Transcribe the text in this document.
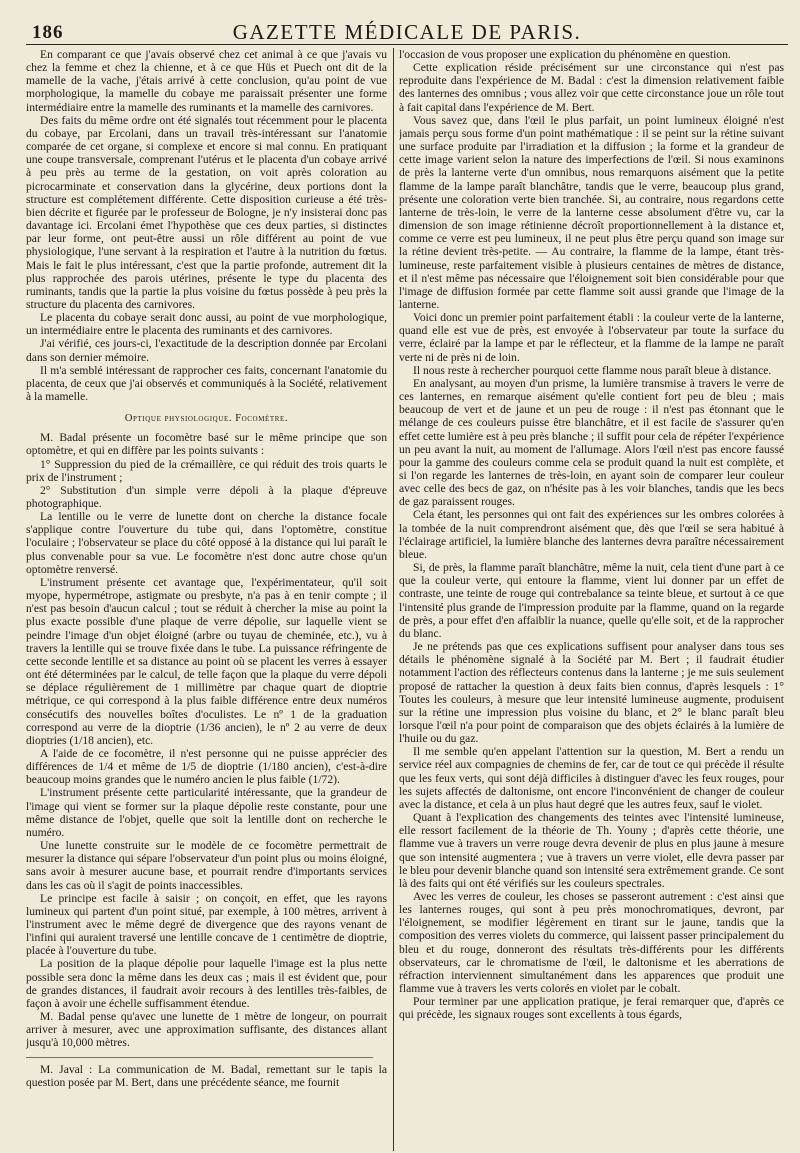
186	GAZETTE MÉDICALE DE PARIS.

En comparant ce que j'avais observé chez cet animal à ce que j'avais vu chez la femme et chez la chienne, et à ce que Hüs et Puech ont dit de la mamelle de la vache, j'étais arrivé à cette conclusion, qu'au point de vue morphologique, la mamelle du cobaye me paraissait présenter une forme intermédiaire entre la mamelle des ruminants et la mamelle des carnivores.

Des faits du même ordre ont été signalés tout récemment pour le placenta du cobaye, par Ercolani, dans un travail très-intéressant sur l'anatomie comparée de cet organe, si complexe et encore si mal connu. En pratiquant une coupe transversale, comprenant l'utérus et le placenta d'un cobaye arrivé à peu près au terme de la gestation, on voit après coloration au picrocarminate et conservation dans la glycérine, deux portions dont la structure est complétement différente. Cette disposition curieuse a été très-bien décrite et figurée par le professeur de Bologne, je n'y insisterai donc pas davantage ici. Ercolani émet l'hypothèse que ces deux parties, si distinctes par leur forme, ont peut-être aussi un rôle différent au point de vue physiologique, l'une servant à la respiration et l'autre à la nutrition du fœtus. Mais le fait le plus intéressant, c'est que la partie profonde, autrement dit la plus rapprochée des parois utérines, présente le type du placenta des ruminants, tandis que la partie la plus voisine du fœtus possède à peu près la structure du placenta des carnivores.

Le placenta du cobaye serait donc aussi, au point de vue morphologique, un intermédiaire entre le placenta des ruminants et des carnivores.

J'ai vérifié, ces jours-ci, l'exactitude de la description donnée par Ercolani dans son dernier mémoire.

Il m'a semblé intéressant de rapprocher ces faits, concernant l'anatomie du placenta, de ceux que j'ai observés et communiqués à la Société, relativement à la mamelle.

Optique physiologique. Focomètre.

M. Badal présente un focomètre basé sur le même principe que son optomètre, et qui en diffère par les points suivants :

1° Suppression du pied de la crémaillère, ce qui réduit des trois quarts le prix de l'instrument ;

2° Substitution d'un simple verre dépoli à la plaque d'épreuve photographique.

La lentille ou le verre de lunette dont on cherche la distance focale s'applique contre l'ouverture du tube qui, dans l'optomètre, constitue l'oculaire ; l'observateur se place du côté opposé à la distance qui lui paraît le plus convenable pour sa vue. Le focomètre n'est donc autre chose qu'un optomètre renversé.

L'instrument présente cet avantage que, l'expérimentateur, qu'il soit myope, hypermétrope, astigmate ou presbyte, n'a pas à en tenir compte ; il n'est pas besoin d'aucun calcul ; tout se réduit à chercher la mise au point la plus exacte possible d'une plaque de verre dépolie, sur laquelle vient se peindre l'image d'un objet éloigné (arbre ou tuyau de cheminée, etc.), vu à travers la lentille qui se trouve fixée dans le tube. La puissance réfringente de cette seconde lentille et sa distance au point où se placent les verres à essayer ont été déterminées par le calcul, de telle façon que la plaque du verre dépoli se déplace régulièrement de 1 millimètre par chaque quart de dioptrie métrique, ce qui correspond à la plus faible différence entre deux numéros consécutifs des nouvelles boîtes d'oculistes. Le nº 1 de la graduation correspond au verre de la dioptrie (1/36 ancien), le nº 2 au verre de deux dioptries (1/18 ancien), etc.

A l'aide de ce focomètre, il n'est personne qui ne puisse apprécier des différences de 1/4 et même de 1/5 de dioptrie (1/180 ancien), c'est-à-dire beaucoup moins grandes que le numéro ancien le plus faible (1/72).

L'instrument présente cette particularité intéressante, que la grandeur de l'image qui vient se former sur la plaque dépolie reste constante, pour une même distance de l'objet, quelle que soit la lentille dont on recherche le numéro.

Une lunette construite sur le modèle de ce focomètre permettrait de mesurer la distance qui sépare l'observateur d'un point plus ou moins éloigné, sans avoir à mesurer aucune base, et pourrait rendre d'importants services dans les cas où il s'agit de points inaccessibles.

Le principe est facile à saisir ; on conçoit, en effet, que les rayons lumineux qui partent d'un point situé, par exemple, à 100 mètres, arrivent à l'instrument avec le même degré de divergence que des rayons venant de l'infini qui auraient traversé une lentille concave de 1 centimètre de dioptrie, placée à l'ouverture du tube.

La position de la plaque dépolie pour laquelle l'image est la plus nette possible sera donc la même dans les deux cas ; mais il est évident que, pour de grandes distances, il faudrait avoir recours à des lentilles très-faibles, de façon à avoir une échelle suffisamment étendue.

M. Badal pense qu'avec une lunette de 1 mètre de longeur, on pourrait arriver à mesurer, avec une approximation suffisante, des distances allant jusqu'à 10,000 mètres.

M. Javal : La communication de M. Badal, remettant sur le tapis la question posée par M. Bert, dans une précédente séance, me fournit

l'occasion de vous proposer une explication du phénomène en question.

Cette explication réside précisément sur une circonstance qui n'est pas reproduite dans l'expérience de M. Badal : c'est la dimension relativement faible des lanternes des omnibus ; vous allez voir que cette circonstance joue un rôle tout à fait capital dans l'expérience de M. Bert.

Vous savez que, dans l'œil le plus parfait, un point lumineux éloigné n'est jamais perçu sous forme d'un point mathématique : il se peint sur la rétine suivant une surface produite par l'irradiation et la diffusion ; la forme et la grandeur de cette image varient selon la nature des imperfections de l'œil. Si nous examinons de près la lanterne verte d'un omnibus, nous remarquons aisément que la petite flamme de la lampe paraît blanchâtre, tandis que le verre, beaucoup plus grand, présente une coloration verte bien tranchée. Si, au contraire, nous regardons cette lanterne de très-loin, le verre de la lanterne cesse absolument d'être vu, car la dimension de son image rétinienne décroît proportionnellement à la distance et, comme ce verre est peu lumineux, il ne peut plus être perçu quand son image sur la rétine devient très-petite. — Au contraire, la flamme de la lampe, étant très-lumineuse, reste parfaitement visible à plusieurs centaines de mètres de distance, et il n'est même pas nécessaire que l'éloignement soit bien considérable pour que l'image de diffusion formée par cette flamme soit aussi grande que l'image de la lanterne.

Voici donc un premier point parfaitement établi : la couleur verte de la lanterne, quand elle est vue de près, est envoyée à l'observateur par toute la surface du verre, éclairé par la lampe et par le réflecteur, et la flamme de la lampe ne paraît verte ni de près ni de loin.

Il nous reste à rechercher pourquoi cette flamme nous paraît bleue à distance.

En analysant, au moyen d'un prisme, la lumière transmise à travers le verre de ces lanternes, en remarque aisément qu'elle contient fort peu de bleu ; mais beaucoup de vert et de jaune et un peu de rouge : il n'est pas étonnant que le mélange de ces couleurs puisse être blanchâtre, et il est facile de s'assurer qu'en effet cette lumière est à peu près blanche ; il suffit pour cela de répéter l'expérience un peu avant la nuit, au moment de l'allumage. Alors l'œil n'est pas encore faussé pour la gamme des couleurs comme cela se produit quand la nuit est complète, et si l'on regarde les lanternes de très-loin, en ayant soin de comparer leur couleur avec celle des becs de gaz, on n'hésite pas à les voir blanches, tandis que les becs de gaz paraissent rouges.

Cela étant, les personnes qui ont fait des expériences sur les ombres colorées à la tombée de la nuit comprendront aisément que, dès que l'œil se sera habitué à l'éclairage artificiel, la lumière blanche des lanternes devra paraître nécessairement bleue.

Si, de près, la flamme paraît blanchâtre, même la nuit, cela tient d'une part à ce que la couleur verte, qui entoure la flamme, vient lui donner par un effet de contraste, une teinte de rouge qui contrebalance sa teinte bleue, et surtout à ce que l'intensité plus grande de l'impression produite par la flamme, quand on la regarde de près, a pour effet d'en affaiblir la nuance, quelle qu'elle soit, et de la rapprocher du blanc.

Je ne prétends pas que ces explications suffisent pour analyser dans tous ses détails le phénomène signalé à la Société par M. Bert ; il faudrait étudier notamment l'action des réflecteurs contenus dans la lanterne ; je me suis seulement proposé de rattacher la question à deux faits bien connus, d'après lesquels : 1° Toutes les couleurs, à mesure que leur intensité lumineuse augmente, produisent sur la rétine une impression plus voisine du blanc, et 2° le blanc paraît bleu lorsque l'œil n'a pour point de comparaison que des objets éclairés à la lumière de l'huile ou du gaz.

Il me semble qu'en appelant l'attention sur la question, M. Bert a rendu un service réel aux compagnies de chemins de fer, car de tout ce qui précède il résulte que les feux verts, qui sont déjà difficiles à distinguer d'avec les feux rouges, pour les sujets affectés de daltonisme, ont encore l'inconvénient de changer de couleur avec la distance, et cela à un plus haut degré que les autres feux, sauf le violet.

Quant à l'explication des changements des teintes avec l'intensité lumineuse, elle ressort facilement de la théorie de Th. Youny ; d'après cette théorie, une flamme vue à travers un verre rouge devra devenir de plus en plus jaune à mesure que son intensité augmentera ; vue à travers un verre violet, elle devra passer par le bleu pour devenir blanche quand son intensité sera extrêmement grande. Ce sont là des faits qui ont été vérifiés sur les couleurs spectrales.

Avec les verres de couleur, les choses se passeront autrement : c'est ainsi que les lanternes rouges, qui sont à peu près monochromatiques, devront, par l'éloignement, se modifier légèrement en tirant sur le jaune, tandis que la composition des verres violets du commerce, qui laissent passer principalement du bleu et du rouge, donneront des résultats très-différents pour les différents observateurs, car le chromatisme de l'œil, le daltonisme et les aberrations de réfraction interviennent simultanément dans les apparences que produit une flamme vue à travers les verts colorés en violet par le cobalt.

Pour terminer par une application pratique, je ferai remarquer que, d'après ce qui précède, les signaux rouges sont excellents à tous égards,
